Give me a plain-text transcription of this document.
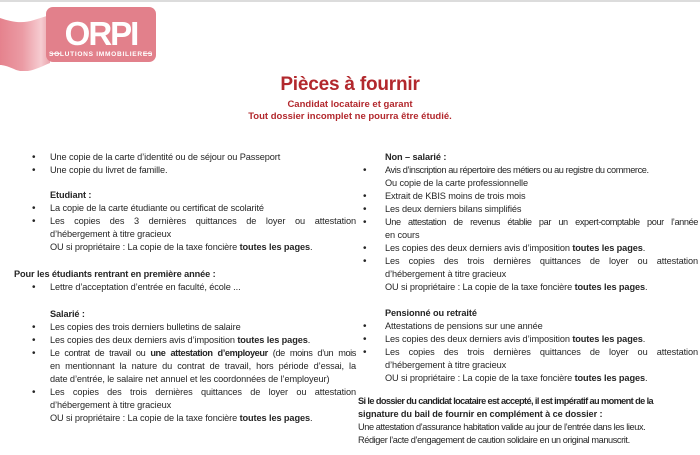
ORPI
SOLUTIONS IMMOBILIERES
Pièces à fournir
Candidat locataire et garant
Tout dossier incomplet ne pourra être étudié.
•	Une copie de la carte d’identité ou de séjour ou Passeport
•	Une copie du livret de famille.
Etudiant :
•	La copie de la carte étudiante ou certificat de scolarité
•	Les copies des 3 dernières quittances de loyer ou attestation
d’hébergement à titre gracieux
OU si propriétaire : La copie de la taxe foncière toutes les pages.
Pour les étudiants rentrant en première année :
•	Lettre d’acceptation d’entrée en faculté, école ...
Salarié :
•	Les copies des trois derniers bulletins de salaire
•	Les copies des deux derniers avis d’imposition toutes les pages.
•	Le contrat de travail ou une attestation d’employeur (de moins d’un mois
en mentionnant la nature du contrat de travail, hors période d’essai, la
date d’entrée, le salaire net annuel et les coordonnées de l’employeur)
•	Les copies des trois dernières quittances de loyer ou attestation
d’hébergement à titre gracieux
OU si propriétaire : La copie de la taxe foncière toutes les pages.
Non – salarié :
•	Avis d’inscription au répertoire des métiers ou au registre du commerce.
Ou copie de la carte professionnelle
•	Extrait de KBIS moins de trois mois
•	Les deux derniers bilans simplifiés
•	Une attestation de revenus établie par un expert-comptable pour l’année
en cours
•	Les copies des deux derniers avis d’imposition toutes les pages.
•	Les copies des trois dernières quittances de loyer ou attestation
d’hébergement à titre gracieux
OU si propriétaire : La copie de la taxe foncière toutes les pages.
Pensionné ou retraité
•	Attestations de pensions sur une année
•	Les copies des deux derniers avis d’imposition toutes les pages.
•	Les copies des trois dernières quittances de loyer ou attestation
d’hébergement à titre gracieux
OU si propriétaire : La copie de la taxe foncière toutes les pages.
Si le dossier du candidat locataire est accepté, il est impératif au moment de la
signature du bail de fournir en complément à ce dossier :
Une attestation d’assurance habitation valide au jour de l’entrée dans les lieux.
Rédiger l’acte d’engagement de caution solidaire en un original manuscrit.
